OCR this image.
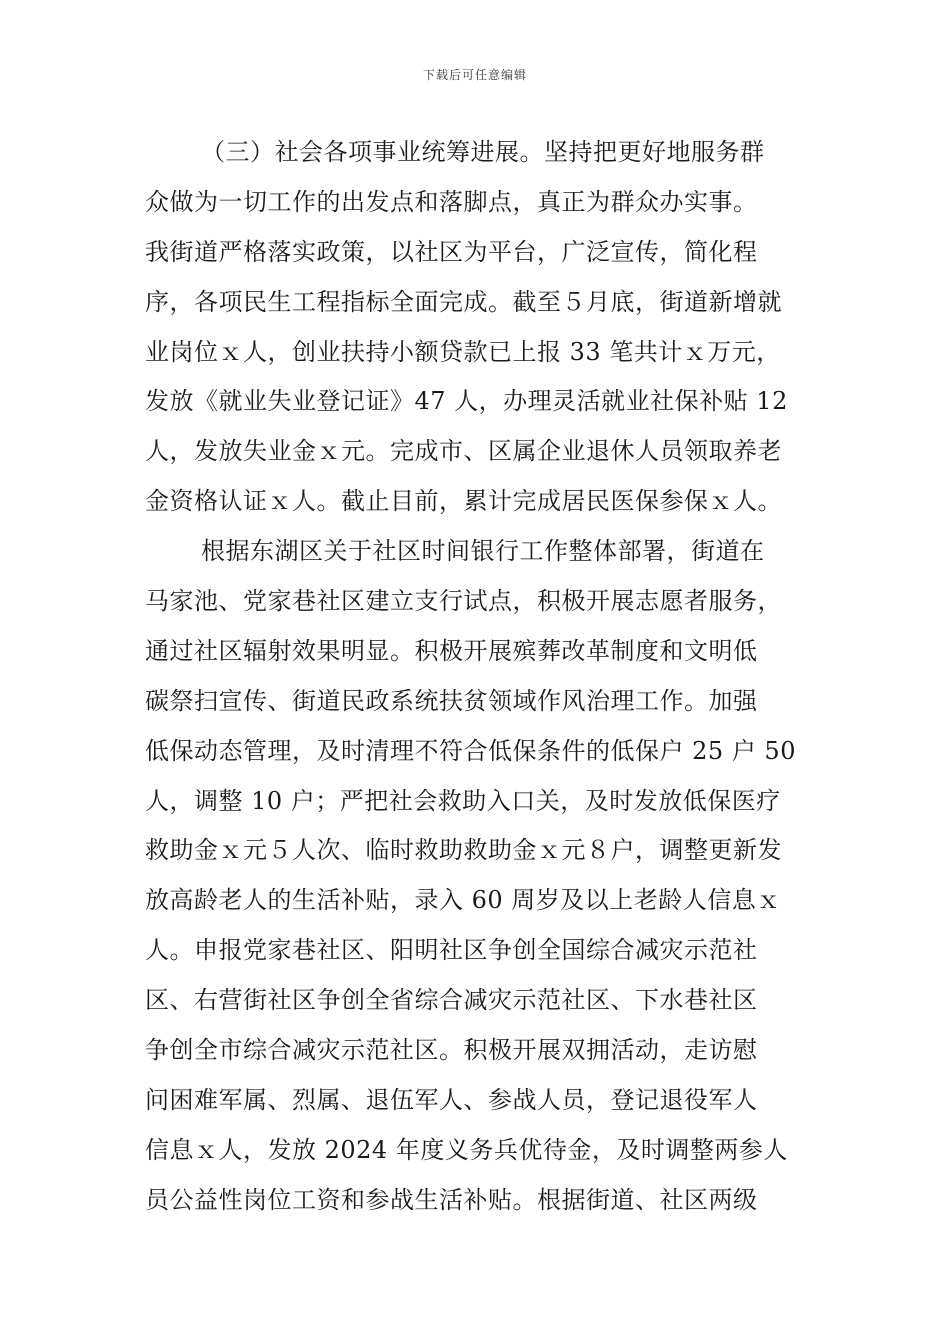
下载后可任意编辑
（三）社会各项事业统筹进展。坚持把更好地服务群
众做为一切工作的出发点和落脚点，真正为群众办实事。
我街道严格落实政策，以社区为平台，广泛宣传，简化程
序，各项民生工程指标全面完成。截至５月底，街道新增就
业岗位ｘ人，创业扶持小额贷款已上报 33 笔共计ｘ万元，
发放《就业失业登记证》47 人，办理灵活就业社保补贴 12
人，发放失业金ｘ元。完成市、区属企业退休人员领取养老
金资格认证ｘ人。截止目前，累计完成居民医保参保ｘ人。
根据东湖区关于社区时间银行工作整体部署，街道在
马家池、党家巷社区建立支行试点，积极开展志愿者服务，
通过社区辐射效果明显。积极开展殡葬改革制度和文明低
碳祭扫宣传、街道民政系统扶贫领域作风治理工作。加强
低保动态管理，及时清理不符合低保条件的低保户 25 户 50
人，调整 10 户；严把社会救助入口关，及时发放低保医疗
救助金ｘ元５人次、临时救助救助金ｘ元８户，调整更新发
放高龄老人的生活补贴，录入 60 周岁及以上老龄人信息ｘ
人。申报党家巷社区、阳明社区争创全国综合减灾示范社
区、右营街社区争创全省综合减灾示范社区、下水巷社区
争创全市综合减灾示范社区。积极开展双拥活动，走访慰
问困难军属、烈属、退伍军人、参战人员，登记退役军人
信息ｘ人，发放 2024 年度义务兵优待金，及时调整两参人
员公益性岗位工资和参战生活补贴。根据街道、社区两级
